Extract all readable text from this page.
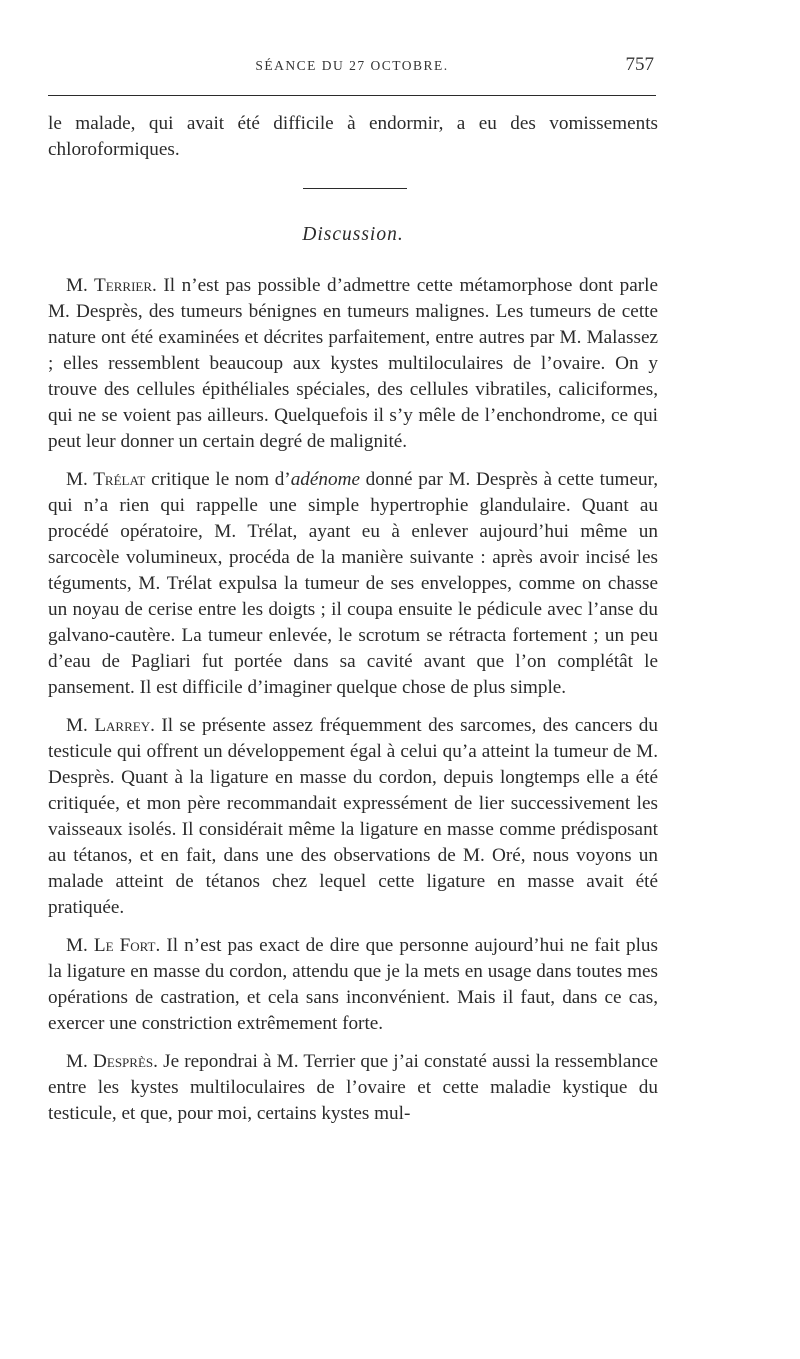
SÉANCE DU 27 OCTOBRE.	757

le malade, qui avait été difficile à endormir, a eu des vomissements chloroformiques.

Discussion.

M. Terrier. Il n’est pas possible d’admettre cette métamorphose dont parle M. Desprès, des tumeurs bénignes en tumeurs malignes. Les tumeurs de cette nature ont été examinées et décrites parfaitement, entre autres par M. Malassez ; elles ressemblent beaucoup aux kystes multiloculaires de l’ovaire. On y trouve des cellules épithéliales spéciales, des cellules vibratiles, caliciformes, qui ne se voient pas ailleurs. Quelquefois il s’y mêle de l’enchondrome, ce qui peut leur donner un certain degré de malignité.

M. Trélat critique le nom d’adénome donné par M. Desprès à cette tumeur, qui n’a rien qui rappelle une simple hypertrophie glandulaire. Quant au procédé opératoire, M. Trélat, ayant eu à enlever aujourd’hui même un sarcocèle volumineux, procéda de la manière suivante : après avoir incisé les téguments, M. Trélat expulsa la tumeur de ses enveloppes, comme on chasse un noyau de cerise entre les doigts ; il coupa ensuite le pédicule avec l’anse du galvano-cautère. La tumeur enlevée, le scrotum se rétracta fortement ; un peu d’eau de Pagliari fut portée dans sa cavité avant que l’on complétât le pansement. Il est difficile d’imaginer quelque chose de plus simple.

M. Larrey. Il se présente assez fréquemment des sarcomes, des cancers du testicule qui offrent un développement égal à celui qu’a atteint la tumeur de M. Desprès. Quant à la ligature en masse du cordon, depuis longtemps elle a été critiquée, et mon père recommandait expressément de lier successivement les vaisseaux isolés. Il considérait même la ligature en masse comme prédisposant au tétanos, et en fait, dans une des observations de M. Oré, nous voyons un malade atteint de tétanos chez lequel cette ligature en masse avait été pratiquée.

M. Le Fort. Il n’est pas exact de dire que personne aujourd’hui ne fait plus la ligature en masse du cordon, attendu que je la mets en usage dans toutes mes opérations de castration, et cela sans inconvénient. Mais il faut, dans ce cas, exercer une constriction extrêmement forte.

M. Desprès. Je repondrai à M. Terrier que j’ai constaté aussi la ressemblance entre les kystes multiloculaires de l’ovaire et cette maladie kystique du testicule, et que, pour moi, certains kystes mul-
